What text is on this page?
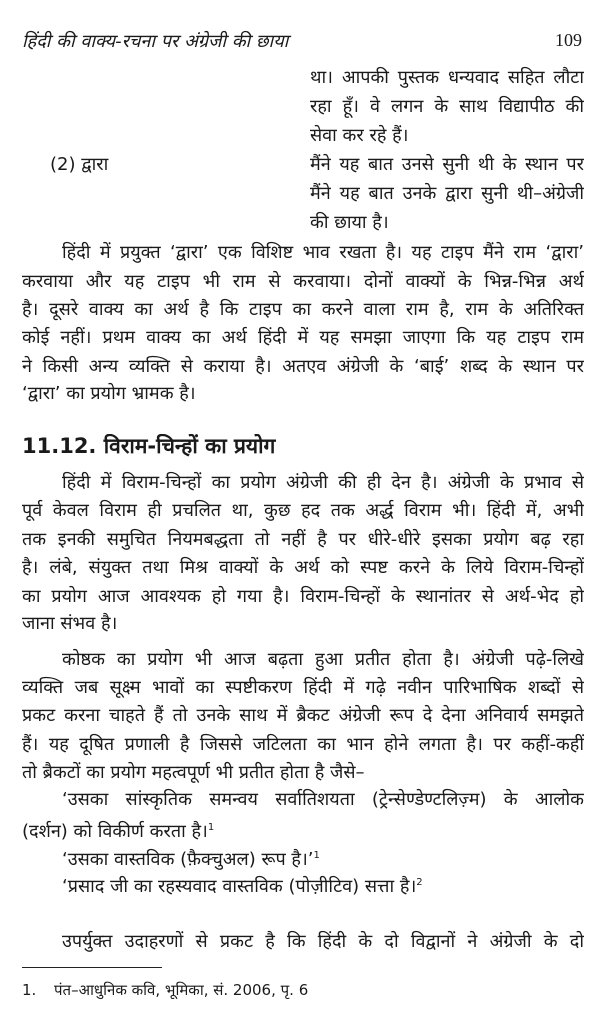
हिंदी की वाक्य-रचना पर अंग्रेजी की छाया	109
था। आपकी पुस्तक धन्यवाद सहित लौटा
रहा हूँ। वे लगन के साथ विद्यापीठ की
सेवा कर रहे हैं।
(2) द्वारा	मैंने यह बात उनसे सुनी थी के स्थान पर
मैंने यह बात उनके द्वारा सुनी थी–अंग्रेजी
की छाया है।
हिंदी में प्रयुक्त ‘द्वारा’ एक विशिष्ट भाव रखता है। यह टाइप मैंने राम ‘द्वारा’
करवाया और यह टाइप भी राम से करवाया। दोनों वाक्यों के भिन्न-भिन्न अर्थ
है। दूसरे वाक्य का अर्थ है कि टाइप का करने वाला राम है, राम के अतिरिक्त
कोई नहीं। प्रथम वाक्य का अर्थ हिंदी में यह समझा जाएगा कि यह टाइप राम
ने किसी अन्य व्यक्ति से कराया है। अतएव अंग्रेजी के ‘बाई’ शब्द के स्थान पर
‘द्वारा’ का प्रयोग भ्रामक है।
11.12. विराम-चिन्हों का प्रयोग
हिंदी में विराम-चिन्हों का प्रयोग अंग्रेजी की ही देन है। अंग्रेजी के प्रभाव से
पूर्व केवल विराम ही प्रचलित था, कुछ हद तक अर्द्ध विराम भी। हिंदी में, अभी
तक इनकी समुचित नियमबद्धता तो नहीं है पर धीरे-धीरे इसका प्रयोग बढ़ रहा
है। लंबे, संयुक्त तथा मिश्र वाक्यों के अर्थ को स्पष्ट करने के लिये विराम-चिन्हों
का प्रयोग आज आवश्यक हो गया है। विराम-चिन्हों के स्थानांतर से अर्थ-भेद हो
जाना संभव है।
कोष्ठक का प्रयोग भी आज बढ़ता हुआ प्रतीत होता है। अंग्रेजी पढ़े-लिखे
व्यक्ति जब सूक्ष्म भावों का स्पष्टीकरण हिंदी में गढ़े नवीन पारिभाषिक शब्दों से
प्रकट करना चाहते हैं तो उनके साथ में ब्रैकट अंग्रेजी रूप दे देना अनिवार्य समझते
हैं। यह दूषित प्रणाली है जिससे जटिलता का भान होने लगता है। पर कहीं-कहीं
तो ब्रैकटों का प्रयोग महत्वपूर्ण भी प्रतीत होता है जैसे–
‘उसका सांस्कृतिक समन्वय सर्वातिशयता (ट्रेन्सेण्डेण्टलिज़्म) के आलोक
(दर्शन) को विकीर्ण करता है।$^1$
‘उसका वास्तविक (फ़ैक्चुअल) रूप है।’$^1$
‘प्रसाद जी का रहस्यवाद वास्तविक (पोज़ीटिव) सत्ता है।$^2$
उपर्युक्त उदाहरणों से प्रकट है कि हिंदी के दो विद्वानों ने अंग्रेजी के दो
1. पंत–आधुनिक कवि, भूमिका, सं. 2006, पृ. 6
